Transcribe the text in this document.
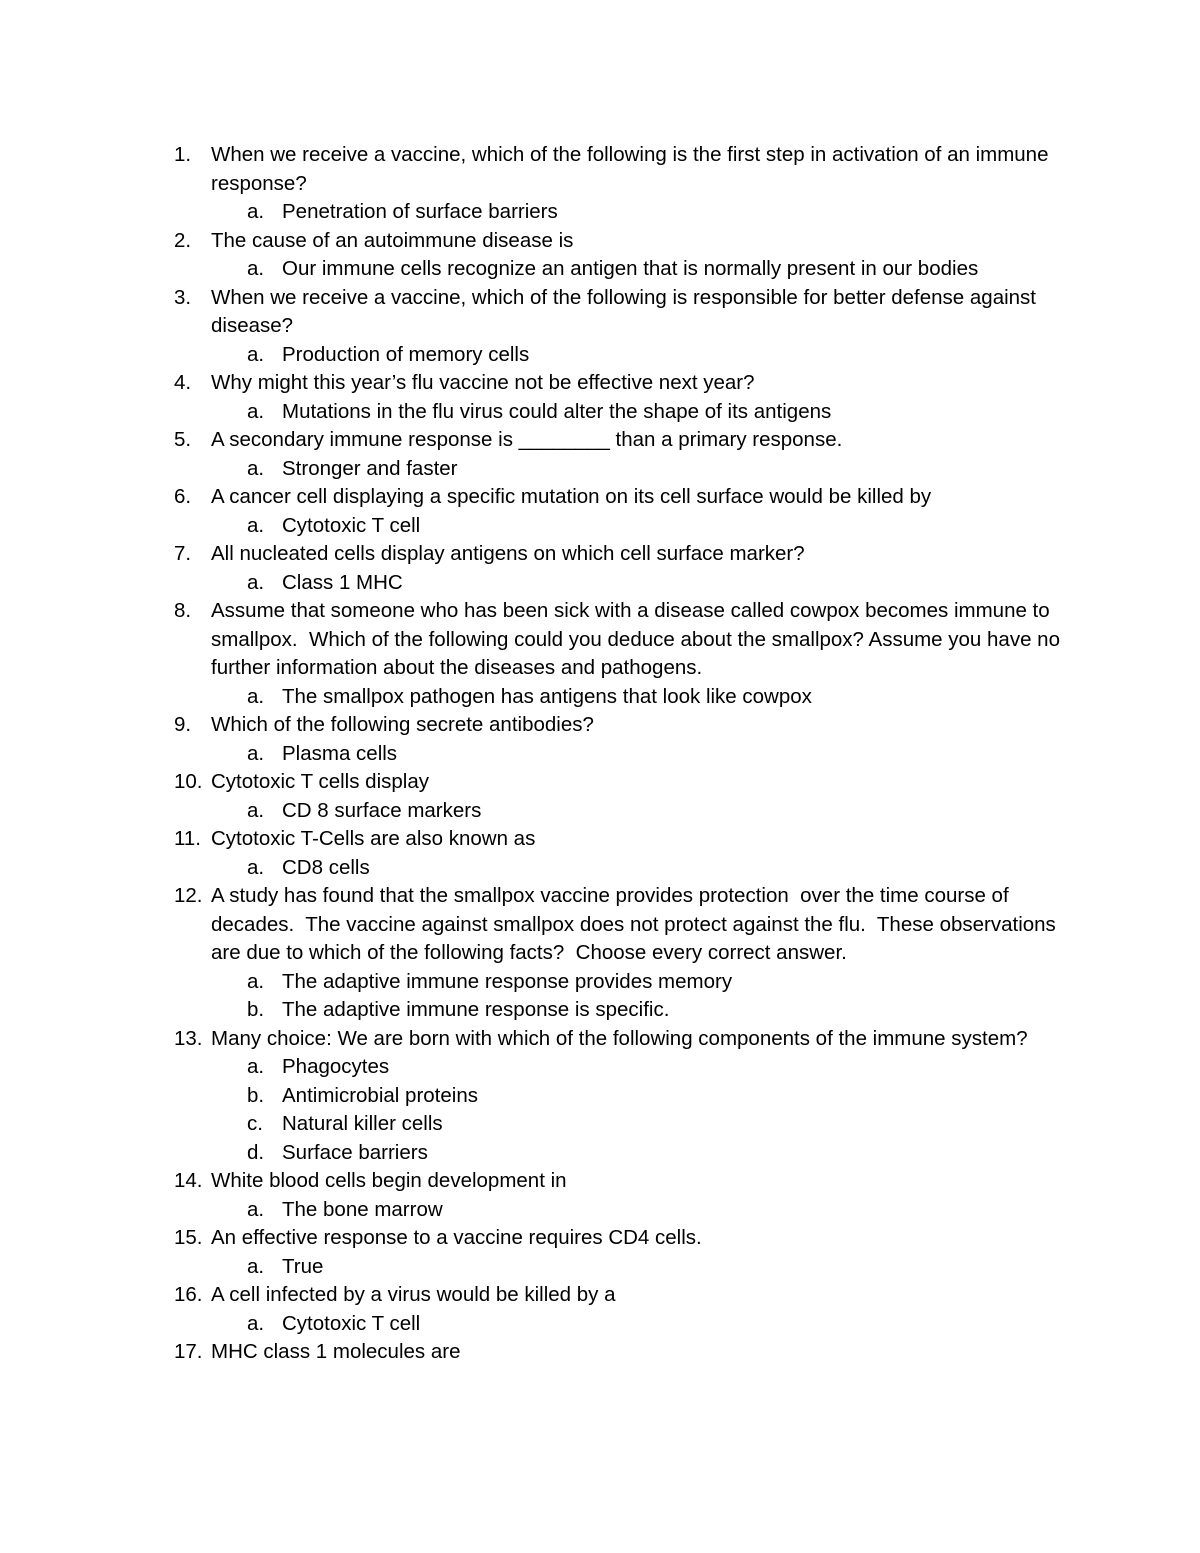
1. When we receive a vaccine, which of the following is the first step in activation of an immune response?
a. Penetration of surface barriers
2. The cause of an autoimmune disease is
a. Our immune cells recognize an antigen that is normally present in our bodies
3. When we receive a vaccine, which of the following is responsible for better defense against disease?
a. Production of memory cells
4. Why might this year’s flu vaccine not be effective next year?
a. Mutations in the flu virus could alter the shape of its antigens
5. A secondary immune response is ________ than a primary response.
a. Stronger and faster
6. A cancer cell displaying a specific mutation on its cell surface would be killed by
a. Cytotoxic T cell
7. All nucleated cells display antigens on which cell surface marker?
a. Class 1 MHC
8. Assume that someone who has been sick with a disease called cowpox becomes immune to smallpox.  Which of the following could you deduce about the smallpox? Assume you have no further information about the diseases and pathogens.
a. The smallpox pathogen has antigens that look like cowpox
9. Which of the following secrete antibodies?
a. Plasma cells
10. Cytotoxic T cells display
a. CD 8 surface markers
11. Cytotoxic T-Cells are also known as
a. CD8 cells
12. A study has found that the smallpox vaccine provides protection  over the time course of decades.  The vaccine against smallpox does not protect against the flu.  These observations are due to which of the following facts?  Choose every correct answer.
a. The adaptive immune response provides memory
b. The adaptive immune response is specific.
13. Many choice: We are born with which of the following components of the immune system?
a. Phagocytes
b. Antimicrobial proteins
c. Natural killer cells
d. Surface barriers
14. White blood cells begin development in
a. The bone marrow
15. An effective response to a vaccine requires CD4 cells.
a. True
16. A cell infected by a virus would be killed by a
a. Cytotoxic T cell
17. MHC class 1 molecules are
